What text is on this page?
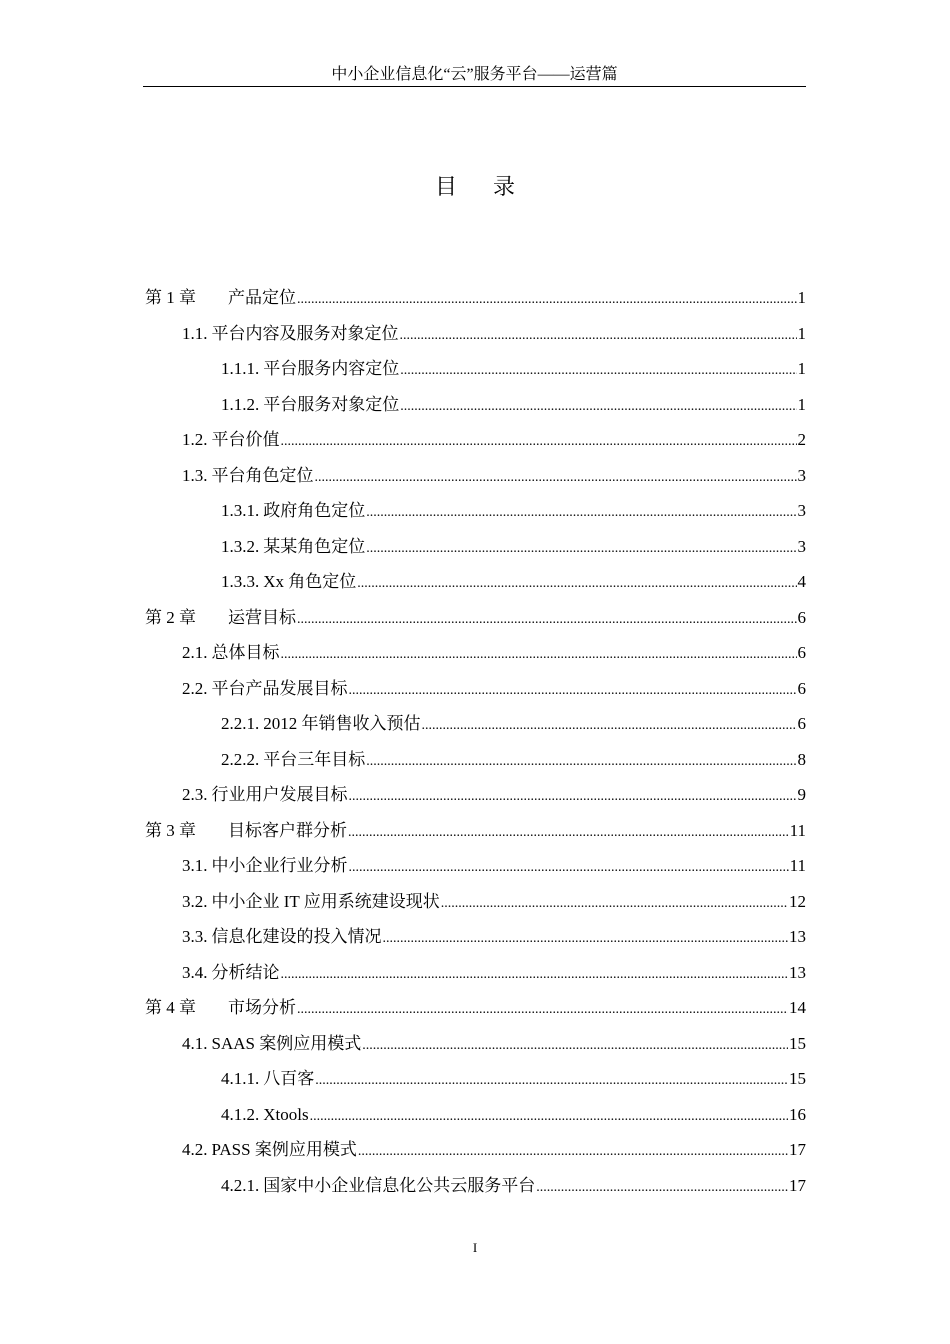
中小企业信息化“云”服务平台——运营篇
目录
第 1 章	产品定位 .....	1
1.1. 平台内容及服务对象定位 .....	1
1.1.1. 平台服务内容定位 .....	1
1.1.2. 平台服务对象定位 .....	1
1.2. 平台价值 .....	2
1.3. 平台角色定位 .....	3
1.3.1. 政府角色定位 .....	3
1.3.2. 某某角色定位 .....	3
1.3.3. Xx 角色定位 .....	4
第 2 章	运营目标 .....	6
2.1. 总体目标 .....	6
2.2. 平台产品发展目标 .....	6
2.2.1. 2012 年销售收入预估 .....	6
2.2.2. 平台三年目标 .....	8
2.3. 行业用户发展目标 .....	9
第 3 章	目标客户群分析 .....	11
3.1. 中小企业行业分析 .....	11
3.2. 中小企业 IT 应用系统建设现状 .....	12
3.3. 信息化建设的投入情况 .....	13
3.4. 分析结论 .....	13
第 4 章	市场分析 .....	14
4.1. SAAS 案例应用模式 .....	15
4.1.1. 八百客 .....	15
4.1.2. Xtools .....	16
4.2. PASS 案例应用模式 .....	17
4.2.1. 国家中小企业信息化公共云服务平台 .....	17
I
